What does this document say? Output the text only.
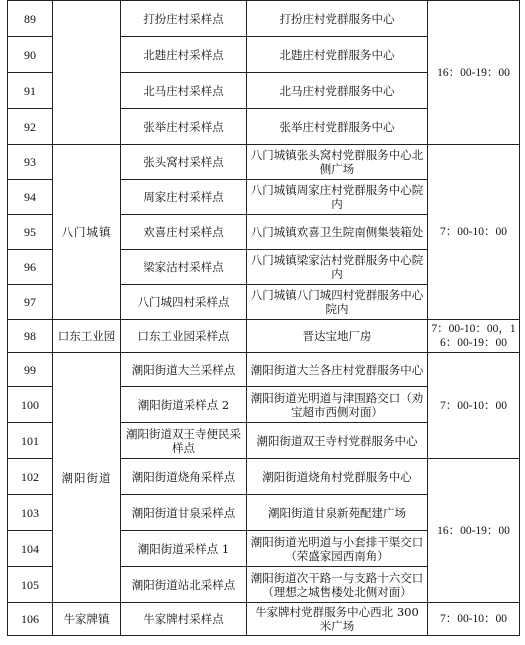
89		打扮庄村采样点	打扮庄村党群服务中心	16：00-19：00
90		北韪庄村采样点	北韪庄村党群服务中心	
91		北马庄村采样点	北马庄村党群服务中心	
92		张举庄村采样点	张举庄村党群服务中心	
93	八门城镇	张头窝村采样点	八门城镇张头窝村党群服务中心北侧广场	7：00-10：00
94		周家庄村采样点	八门城镇周家庄村党群服务中心院内	
95		欢喜庄村采样点	八门城镇欢喜卫生院南侧集装箱处	
96		梁家沽村采样点	八门城镇梁家沽村党群服务中心院内	
97		八门城四村采样点	八门城镇八门城四村党群服务中心院内	
98	口东工业园	口东工业园采样点	晋达宝地厂房	7：00-10：00，16：00-19：00
99	潮阳街道	潮阳街道大兰采样点	潮阳街道大兰各庄村党群服务中心	7：00-10：00
100		潮阳街道采样点 2	潮阳街道光明道与津围路交口（劝宝超市西侧对面）	
101		潮阳街道双王寺便民采样点	潮阳街道双王寺村党群服务中心	
102		潮阳街道烧角采样点	潮阳街道烧角村党群服务中心	16：00-19：00
103		潮阳街道甘泉采样点	潮阳街道甘泉新苑配建广场	
104		潮阳街道采样点 1	潮阳街道光明道与小套排干渠交口（荣盛家园西南角）	
105		潮阳街道站北采样点	潮阳街道次干路一与支路十六交口（理想之城售楼处北侧对面）	
106	牛家牌镇	牛家牌村采样点	牛家牌村党群服务中心西北 300 米广场	7：00-10：00
